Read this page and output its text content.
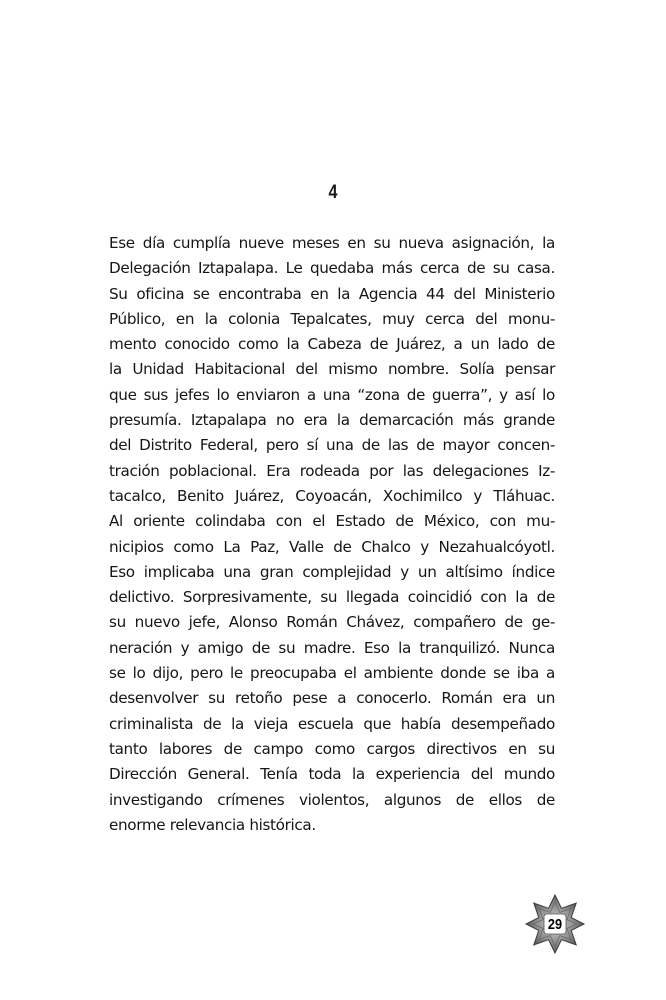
4
Ese día cumplía nueve meses en su nueva asignación, la
Delegación Iztapalapa. Le quedaba más cerca de su casa.
Su oficina se encontraba en la Agencia 44 del Ministerio
Público, en la colonia Tepalcates, muy cerca del monu-
mento conocido como la Cabeza de Juárez, a un lado de
la Unidad Habitacional del mismo nombre. Solía pensar
que sus jefes lo enviaron a una “zona de guerra”, y así lo
presumía. Iztapalapa no era la demarcación más grande
del Distrito Federal, pero sí una de las de mayor concen-
tración poblacional. Era rodeada por las delegaciones Iz-
tacalco, Benito Juárez, Coyoacán, Xochimilco y Tláhuac.
Al oriente colindaba con el Estado de México, con mu-
nicipios como La Paz, Valle de Chalco y Nezahualcóyotl.
Eso implicaba una gran complejidad y un altísimo índice
delictivo. Sorpresivamente, su llegada coincidió con la de
su nuevo jefe, Alonso Román Chávez, compañero de ge-
neración y amigo de su madre. Eso la tranquilizó. Nunca
se lo dijo, pero le preocupaba el ambiente donde se iba a
desenvolver su retoño pese a conocerlo. Román era un
criminalista de la vieja escuela que había desempeñado
tanto labores de campo como cargos directivos en su
Dirección General. Tenía toda la experiencia del mundo
investigando crímenes violentos, algunos de ellos de
enorme relevancia histórica.
29
